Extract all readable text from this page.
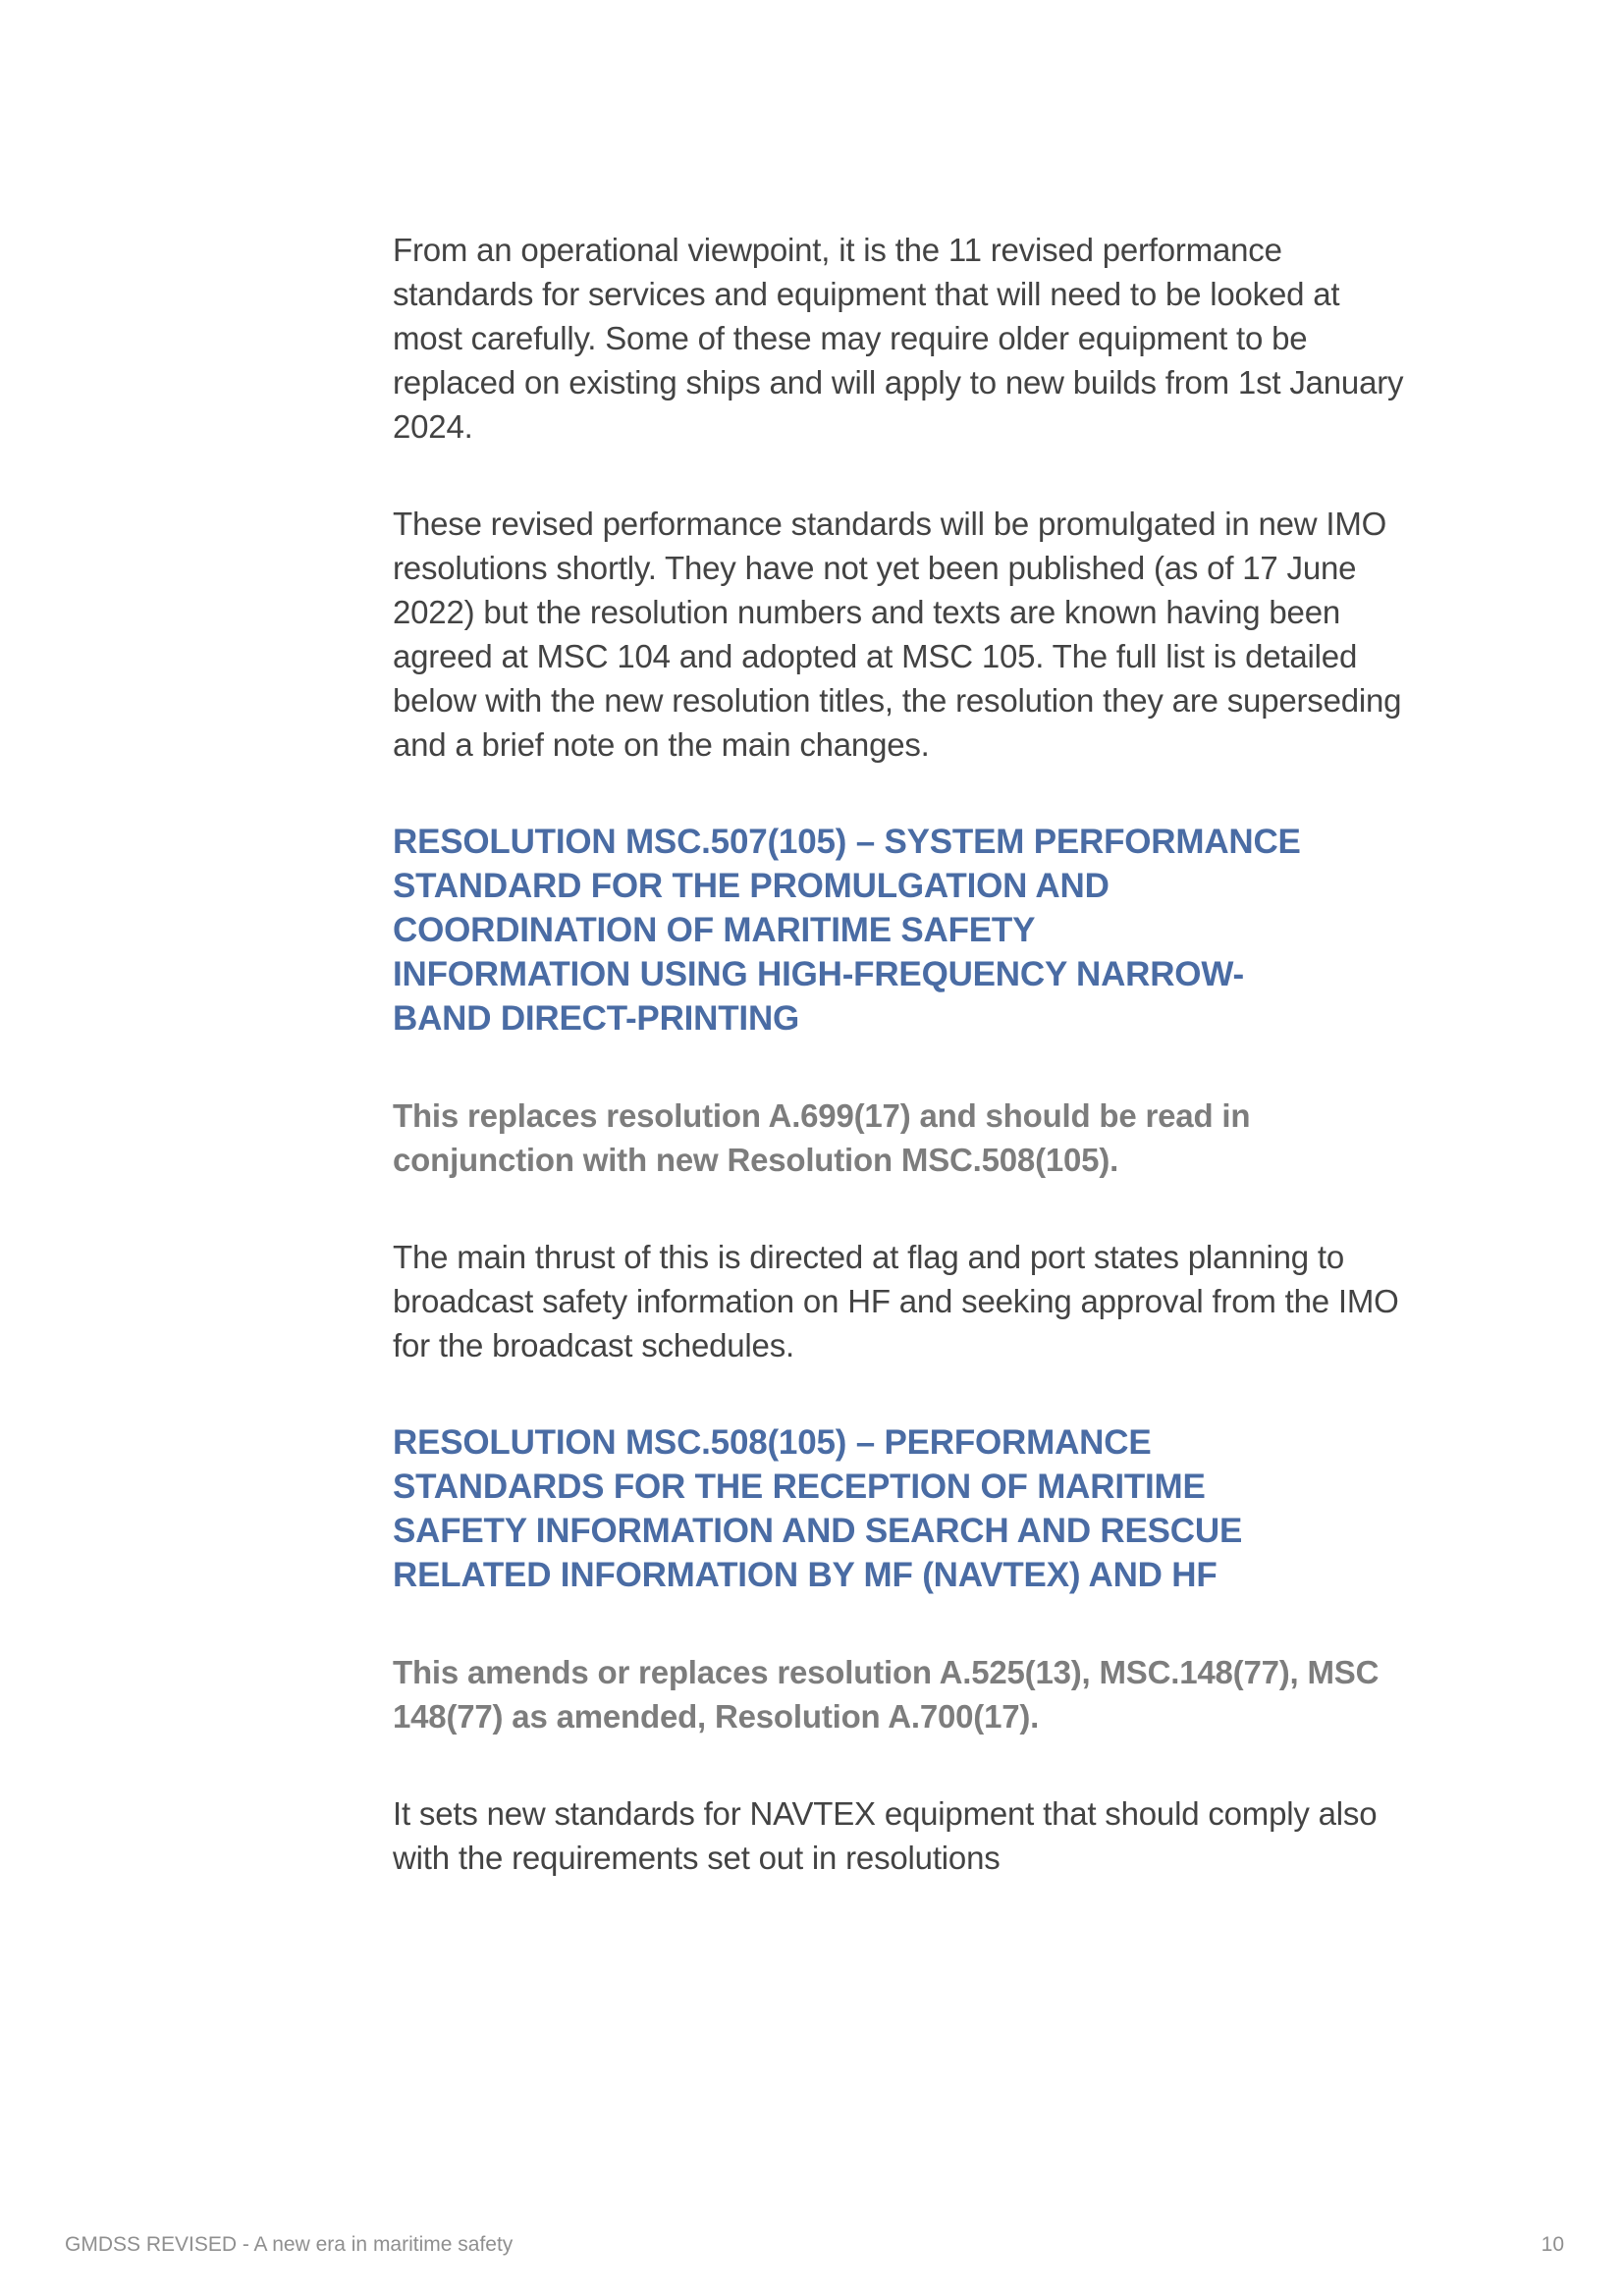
From an operational viewpoint, it is the 11 revised performance standards for services and equipment that will need to be looked at most carefully. Some of these may require older equipment to be replaced on existing ships and will apply to new builds from 1st January 2024.

These revised performance standards will be promulgated in new IMO resolutions shortly. They have not yet been published (as of 17 June 2022) but the resolution numbers and texts are known having been agreed at MSC 104 and adopted at MSC 105. The full list is detailed below with the new resolution titles, the resolution they are superseding and a brief note on the main changes.

RESOLUTION MSC.507(105) – SYSTEM PERFORMANCE
STANDARD FOR THE PROMULGATION AND
COORDINATION OF MARITIME SAFETY
INFORMATION USING HIGH-FREQUENCY NARROW-
BAND DIRECT-PRINTING

This replaces resolution A.699(17) and should be read in conjunction with new Resolution MSC.508(105).

The main thrust of this is directed at flag and port states planning to broadcast safety information on HF and seeking approval from the IMO for the broadcast schedules.

RESOLUTION MSC.508(105) – PERFORMANCE
STANDARDS FOR THE RECEPTION OF MARITIME
SAFETY INFORMATION AND SEARCH AND RESCUE
RELATED INFORMATION BY MF (NAVTEX) AND HF

This amends or replaces resolution A.525(13), MSC.148(77), MSC 148(77) as amended, Resolution A.700(17).

It sets new standards for NAVTEX equipment that should comply also with the requirements set out in resolutions

GMDSS REVISED - A new era in maritime safety	10
